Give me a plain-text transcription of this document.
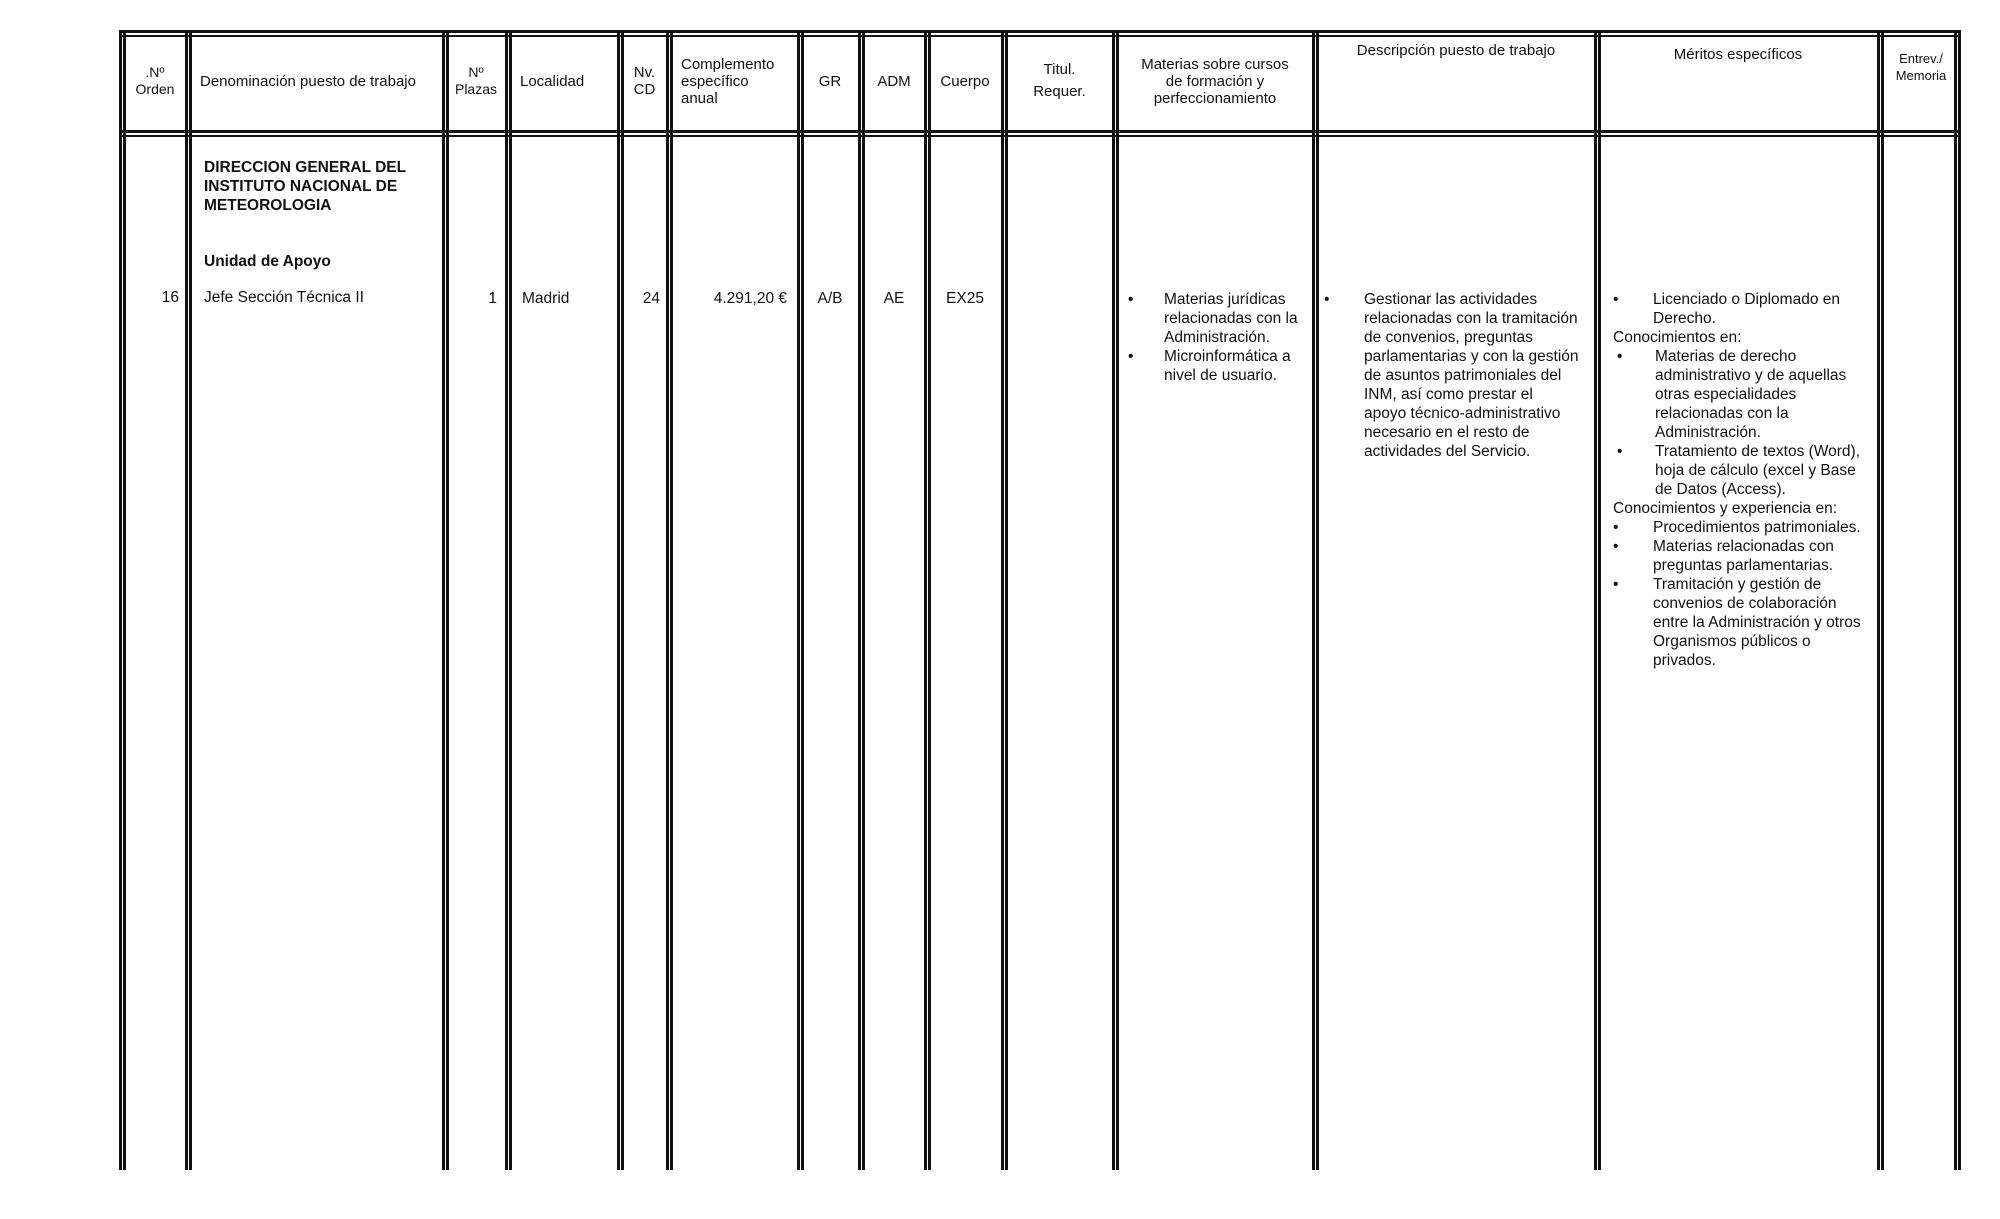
.Nº
Orden	Denominación puesto de trabajo
Nº
Plazas	Localidad	Nv.
CD
Complemento
específico
anual
GR	ADM	Cuerpo
Titul.
Requer.
Materias sobre cursos
de formación y
perfeccionamiento
Descripción puesto de trabajo	Méritos específicos	Entrev./
Memoria
DIRECCION GENERAL DEL INSTITUTO NACIONAL DE METEOROLOGIA
Unidad de Apoyo
16 Jefe Sección Técnica II	1 Madrid	24	4.291,20 €	A/B	AE	EX25
•	Materias jurídicas relacionadas con la Administración.
• Microinformática a nivel de usuario.
• Gestionar las actividades relacionadas con la tramitación de convenios, preguntas parlamentarias y con la gestión de asuntos patrimoniales del INM, así como prestar el apoyo técnico-administrativo necesario en el resto de actividades del Servicio.
• Licenciado o Diplomado en Derecho.
Conocimientos en:
• Materias de derecho administrativo y de aquellas otras especialidades relacionadas con la Administración.
• Tratamiento de textos (Word), hoja de cálculo (excel y Base de Datos (Access).
Conocimientos y experiencia en:
• Procedimientos patrimoniales.
• Materias relacionadas con preguntas parlamentarias.
• Tramitación y gestión de convenios de colaboración entre la Administración y otros Organismos públicos o privados.
